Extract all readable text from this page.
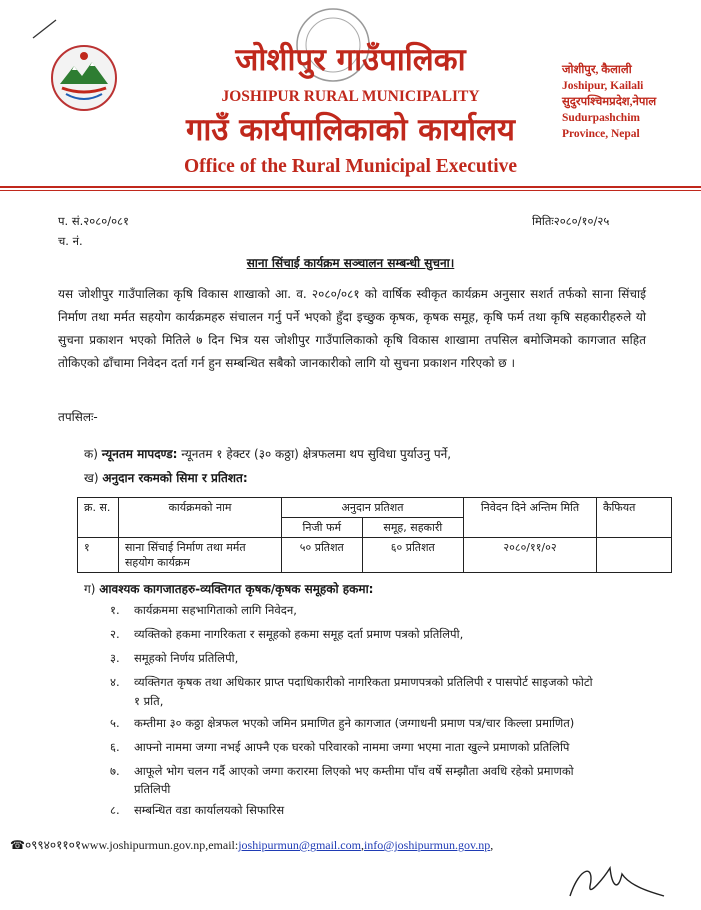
जोशीपुर गाउँपालिका
JOSHIPUR RURAL MUNICIPALITY
गाउँ कार्यपालिकाको कार्यालय
Office of the Rural Municipal Executive
जोशीपुर, कैलाली
Joshipur, Kailali
सुदुरपश्चिमप्रदेश,नेपाल
Sudurpashchim
Province, Nepal
प. सं.२०८०/०८१
च. नं.
मितिः२०८०/१०/२५
साना सिंचाई कार्यक्रम सञ्चालन सम्बन्धी सुचना।
यस जोशीपुर गाउँपालिका कृषि विकास शाखाको आ. व. २०८०/०८१ को वार्षिक स्वीकृत कार्यक्रम अनुसार सशर्त तर्फको साना सिंचाई निर्माण तथा मर्मत सहयोग कार्यक्रमहरु संचालन गर्नु पर्ने भएको हुँदा इच्छुक कृषक, कृषक समूह, कृषि फर्म तथा कृषि सहकारीहरुले यो सुचना प्रकाशन भएको मितिले ७ दिन भित्र यस जोशीपुर गाउँपालिकाको कृषि विकास शाखामा तपसिल बमोजिमको कागजात सहित तोकिएको ढाँचामा निवेदन दर्ता गर्न हुन सम्बन्धित सबैको जानकारीको लागि यो सुचना प्रकाशन गरिएको छ ।
तपसिलः-
क) न्यूनतम मापदण्ड: न्यूनतम १ हेक्टर (३० कठ्ठा) क्षेत्रफलमा थप सुविधा पुर्याउनु पर्ने,
ख) अनुदान रकमको सिमा र प्रतिशत:
क्र. स.	कार्यक्रमको नाम	अनुदान प्रतिशत		निवेदन दिने अन्तिम मिति	कैफियत
		निजी फर्म	समूह, सहकारी		
१	साना सिंचाई निर्माण तथा मर्मत सहयोग कार्यक्रम	५० प्रतिशत	६० प्रतिशत	२०८०/११/०२	
ग) आवश्यक कागजातहरु-व्यक्तिगत कृषक/कृषक समूहको हकमा:
१. कार्यक्रममा सहभागिताको लागि निवेदन,
२. व्यक्तिको हकमा नागरिकता र समूहको हकमा समूह दर्ता प्रमाण पत्रको प्रतिलिपी,
३. समूहको निर्णय प्रतिलिपी,
४. व्यक्तिगत कृषक तथा अधिकार प्राप्त पदाधिकारीको नागरिकता प्रमाणपत्रको प्रतिलिपी र पासपोर्ट साइजको फोटो
१ प्रति,
५. कम्तीमा ३० कठ्ठा क्षेत्रफल भएको जमिन प्रमाणित हुने कागजात (जग्गाधनी प्रमाण पत्र/चार किल्ला प्रमाणित)
६. आफ्नो नाममा जग्गा नभई आफ्नै एक घरको परिवारको नाममा जग्गा भएमा नाता खुल्ने प्रमाणको प्रतिलिपि
७. आफूले भोग चलन गर्दै आएको जग्गा करारमा लिएको भए कम्तीमा पाँच वर्षे सम्झौता अवधि रहेको प्रमाणको
प्रतिलिपी
८. सम्बन्धित वडा कार्यालयको सिफारिस
☎०९९४०११०१www.joshipurmun.gov.np,email:joshipurmun@gmail.com,info@joshipurmun.gov.np,
